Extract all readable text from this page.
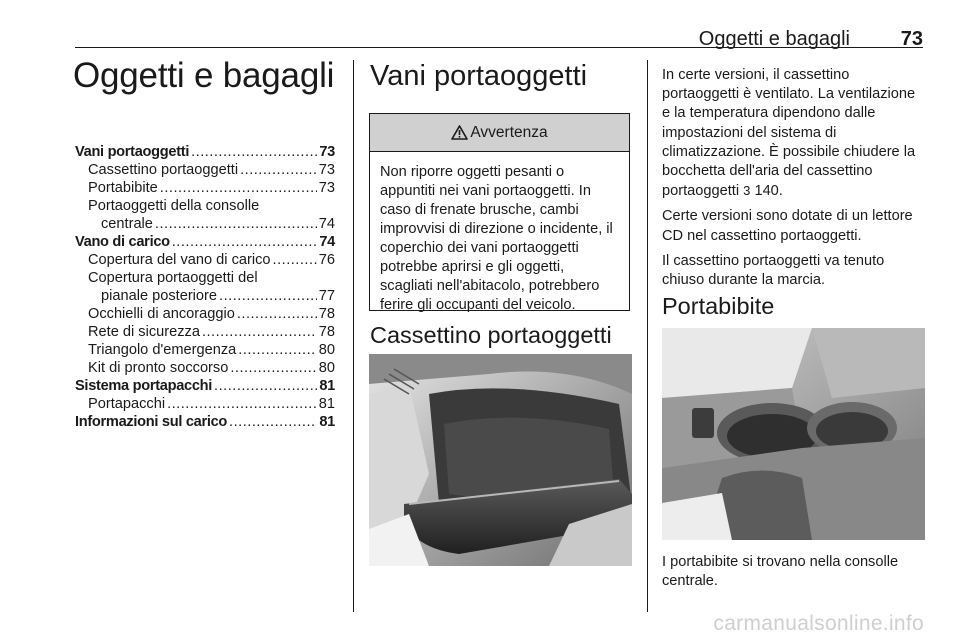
Oggetti e bagagli	73
Oggetti e bagagli
Vani portaoggetti .....	73
Cassettino portaoggetti .....	73
Portabibite .....	73
Portaoggetti della consolle
centrale .....	74
Vano di carico .....	74
Copertura del vano di carico .....	76
Copertura portaoggetti del
pianale posteriore .....	77
Occhielli di ancoraggio .....	78
Rete di sicurezza .....	78
Triangolo d'emergenza .....	80
Kit di pronto soccorso .....	80
Sistema portapacchi .....	81
Portapacchi .....	81
Informazioni sul carico .....	81
Vani portaoggetti
Avvertenza
Non riporre oggetti pesanti o appuntiti nei vani portaoggetti. In caso di frenate brusche, cambi improvvisi di direzione o incidente, il coperchio dei vani portaoggetti potrebbe aprirsi e gli oggetti, scagliati nell'abitacolo, potrebbero ferire gli occupanti del veicolo.
Cassettino portaoggetti

In certe versioni, il cassettino portaoggetti è ventilato. La ventilazione e la temperatura dipendono dalle impostazioni del sistema di climatizzazione. È possibile chiudere la bocchetta dell'aria del cassettino portaoggetti 3 140.

Certe versioni sono dotate di un lettore CD nel cassettino portaoggetti.

Il cassettino portaoggetti va tenuto chiuso durante la marcia.

Portabibite
I portabibite si trovano nella consolle centrale.
carmanualsonline.info
